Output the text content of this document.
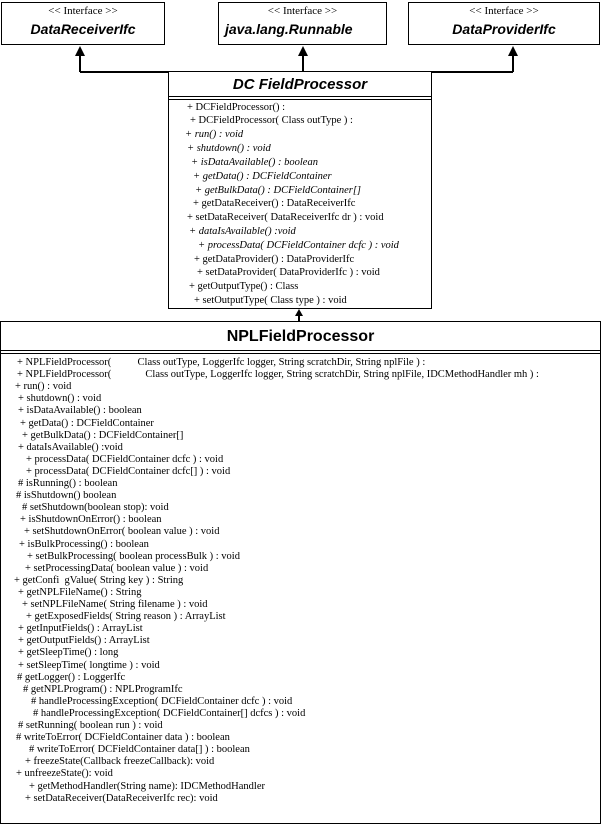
<< Interface >>
DataReceiverIfc
<< Interface >>
java.lang.Runnable
<< Interface >>
DataProviderIfc
DC FieldProcessor
+ DCFieldProcessor() :
+ DCFieldProcessor( Class outType ) :
+ run() : void
+ shutdown() : void
+ isDataAvailable() : boolean
+ getData() : DCFieldContainer
+ getBulkData() : DCFieldContainer[]
+ getDataReceiver() : DataReceiverIfc
+ setDataReceiver( DataReceiverIfc dr ) : void
+ dataIsAvailable() :void
+ processData( DCFieldContainer dcfc ) : void
+ getDataProvider() : DataProviderIfc
+ setDataProvider( DataProviderIfc ) : void
+ getOutputType() : Class
+ setOutputType( Class type ) : void
NPLFieldProcessor
+ NPLFieldProcessor(          Class outType, LoggerIfc logger, String scratchDir, String nplFile ) :
+ NPLFieldProcessor(             Class outType, LoggerIfc logger, String scratchDir, String nplFile, IDCMethodHandler mh ) :
+ run() : void
+ shutdown() : void
+ isDataAvailable() : boolean
+ getData() : DCFieldContainer
+ getBulkData() : DCFieldContainer[]
+ dataIsAvailable() :void
+ processData( DCFieldContainer dcfc ) : void
+ processData( DCFieldContainer dcfc[] ) : void
# isRunning() : boolean
# isShutdown() boolean
# setShutdown(boolean stop): void
+ isShutdownOnError() : boolean
+ setShutdownOnError( boolean value ) : void
+ isBulkProcessing() : boolean
+ setBulkProcessing( boolean processBulk ) : void
+ setProcessingData( boolean value ) : void
+ getConfi  gValue( String key ) : String
+ getNPLFileName() : String
+ setNPLFileName( String filename ) : void
+ getExposedFields( String reason ) : ArrayList
+ getInputFields() : ArrayList
+ getOutputFields() : ArrayList
+ getSleepTime() : long
+ setSleepTime( longtime ) : void
# getLogger() : LoggerIfc
# getNPLProgram() : NPLProgramIfc
# handleProcessingException( DCFieldContainer dcfc ) : void
# handleProcessingException( DCFieldContainer[] dcfcs ) : void
# setRunning( boolean run ) : void
# writeToError( DCFieldContainer data ) : boolean
# writeToError( DCFieldContainer data[] ) : boolean
+ freezeState(Callback freezeCallback): void
+ unfreezeState(): void
+ getMethodHandler(String name): IDCMethodHandler
+ setDataReceiver(DataReceiverIfc rec): void
